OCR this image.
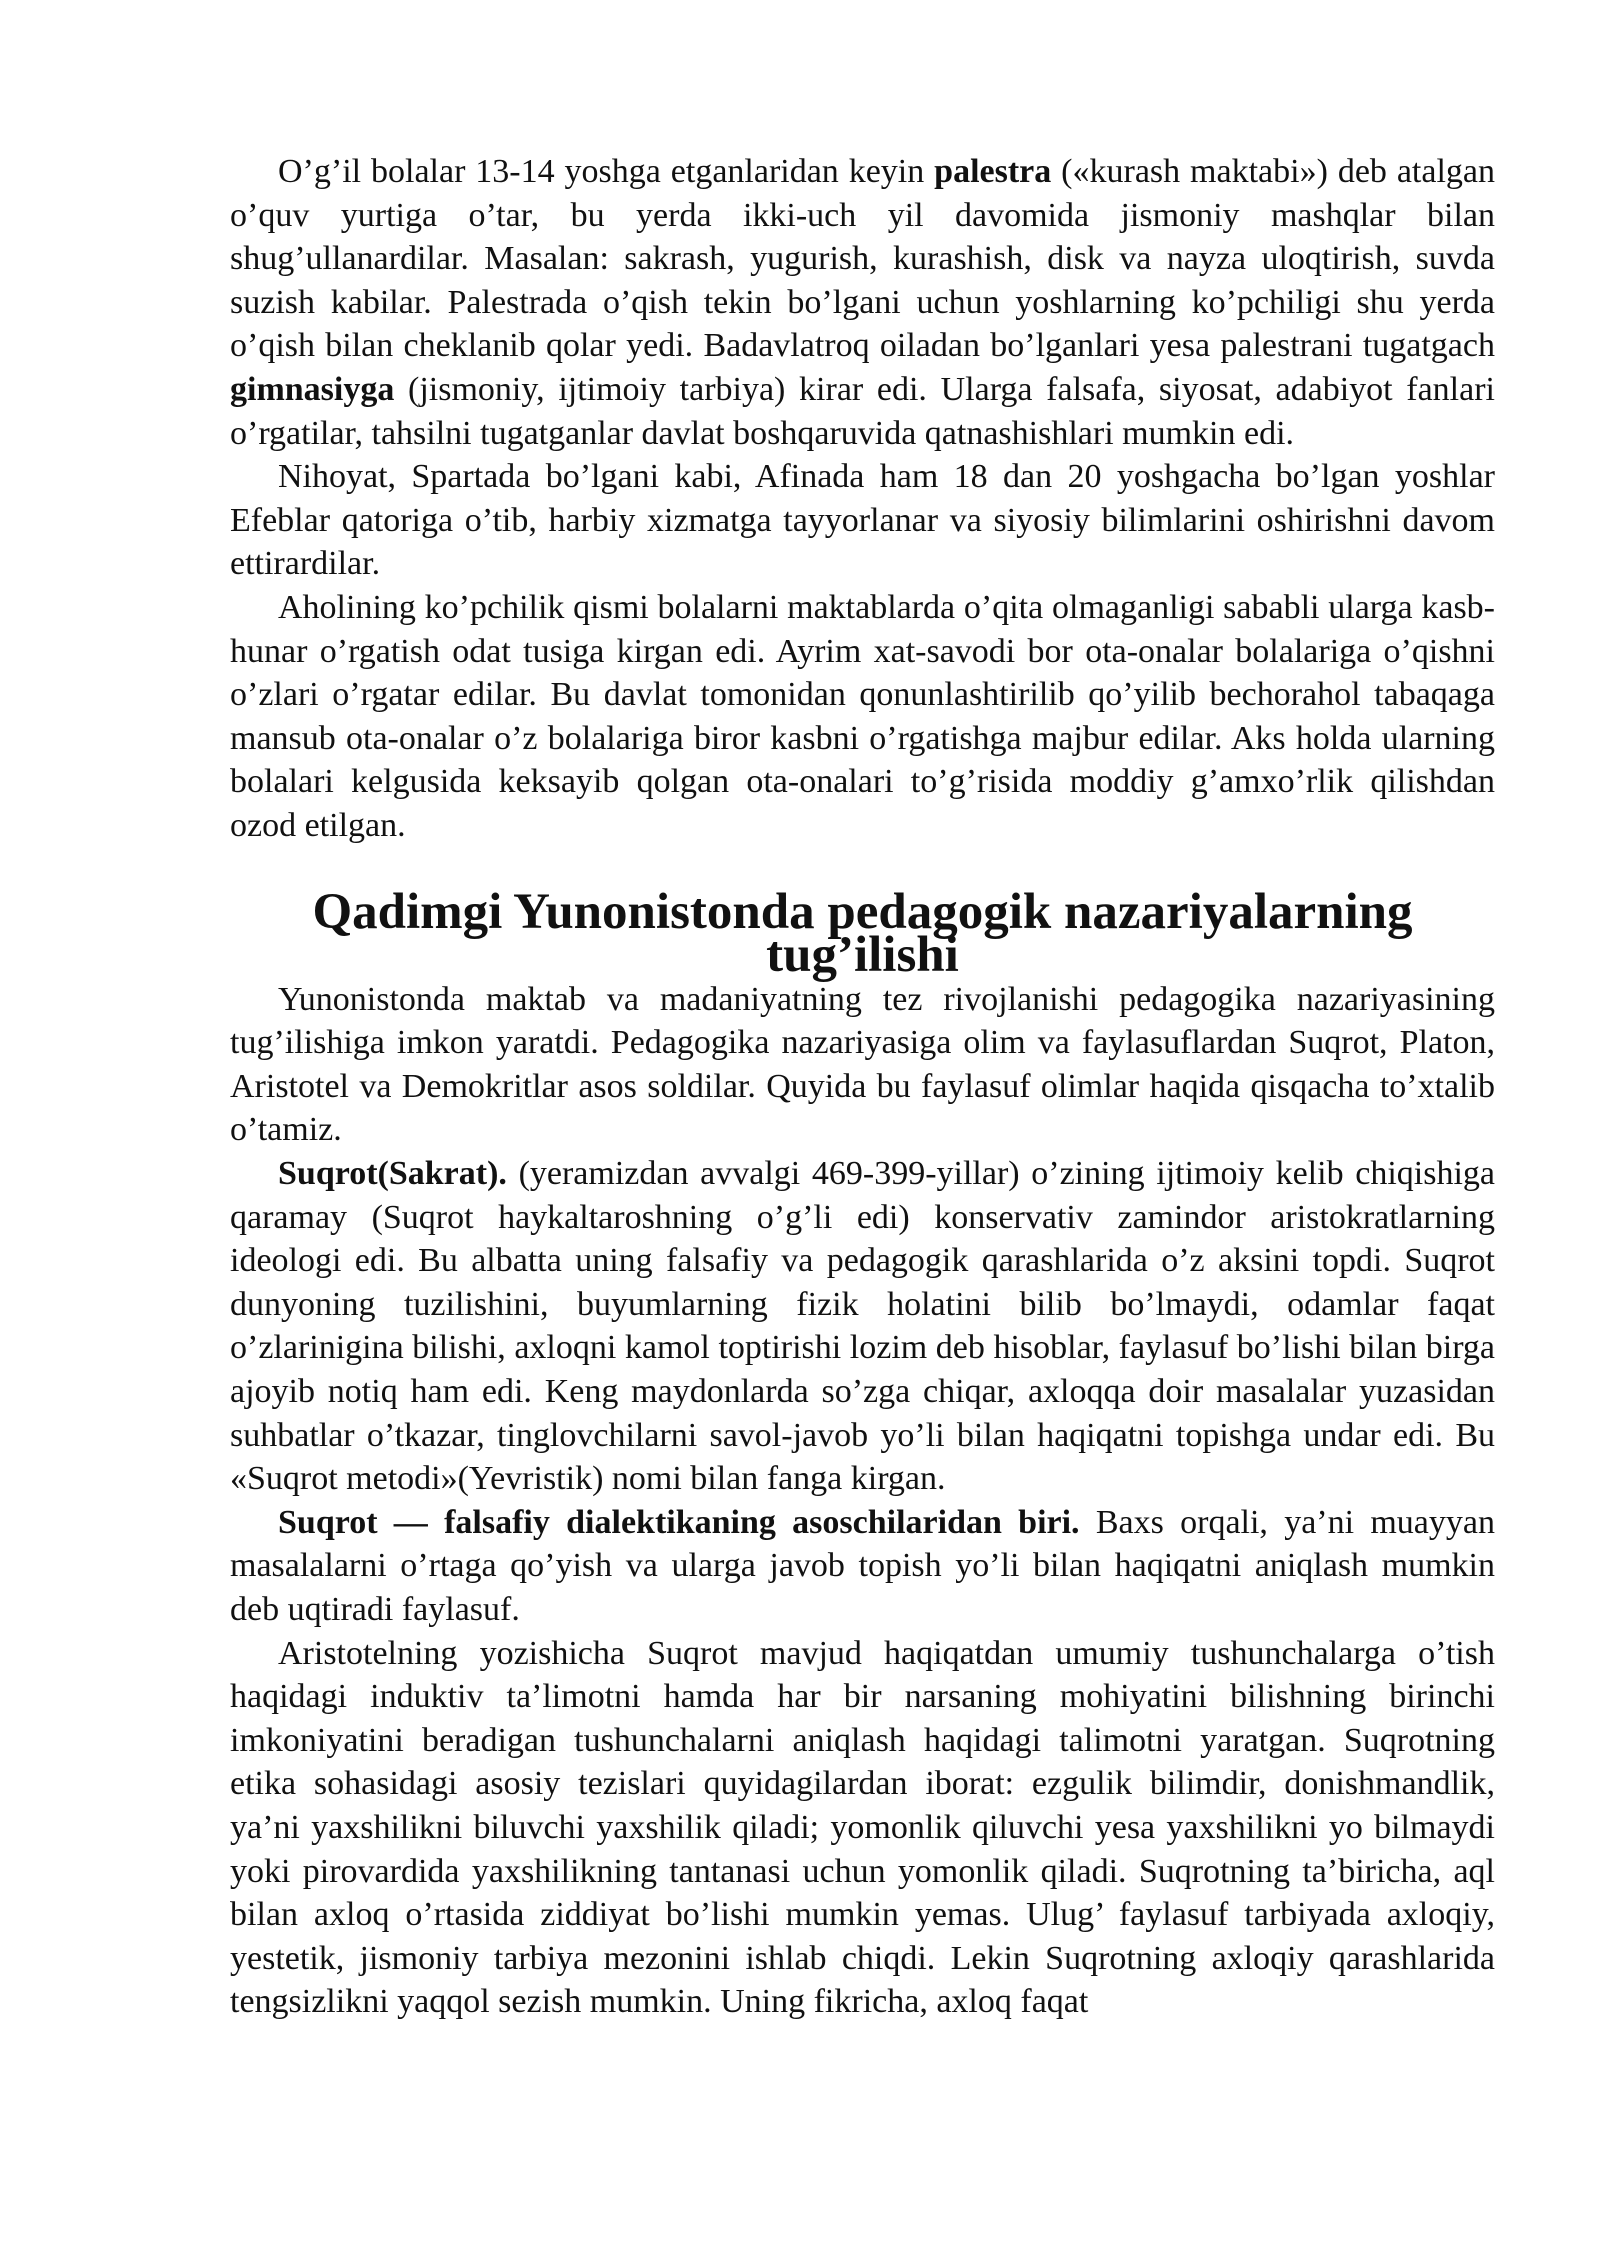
O’g’il bolalar 13-14 yoshga etganlaridan keyin palestra («kurash maktabi») deb atalgan o’quv yurtiga o’tar, bu yerda ikki-uch yil davomida jismoniy mashqlar bilan shug’ullanardilar. Masalan: sakrash, yugurish, kurashish, disk va nayza uloqtirish, suvda suzish kabilar. Palestrada o’qish tekin bo’lgani uchun yoshlarning ko’pchiligi shu yerda o’qish bilan cheklanib qolar yedi. Badavlatroq oiladan bo’lganlari yesa palestrani tugatgach gimnasiyga (jismoniy, ijtimoiy tarbiya) kirar edi. Ularga falsafa, siyosat, adabiyot fanlari o’rgatilar, tahsilni tugatganlar davlat boshqaruvida qatnashishlari mumkin edi.

Nihoyat, Spartada bo’lgani kabi, Afinada ham 18 dan 20 yoshgacha bo’lgan yoshlar Efeblar qatoriga o’tib, harbiy xizmatga tayyorlanar va siyosiy bilimlarini oshirishni davom ettirardilar.

Aholining ko’pchilik qismi bolalarni maktablarda o’qita olmaganligi sababli ularga kasb-hunar o’rgatish odat tusiga kirgan edi. Ayrim xat-savodi bor ota-onalar bolalariga o’qishni o’zlari o’rgatar edilar. Bu davlat tomonidan qonunlashtirilib qo’yilib bechorahol tabaqaga mansub ota-onalar o’z bolalariga biror kasbni o’rgatishga majbur edilar. Aks holda ularning bolalari kelgusida keksayib qolgan ota-onalari to’g’risida moddiy g’amxo’rlik qilishdan ozod etilgan.

Qadimgi Yunonistonda pedagogik nazariyalarning tug’ilishi

Yunonistonda maktab va madaniyatning tez rivojlanishi pedagogika nazariyasining tug’ilishiga imkon yaratdi. Pedagogika nazariyasiga olim va faylasuflardan Suqrot, Platon, Aristotel va Demokritlar asos soldilar. Quyida bu faylasuf olimlar haqida qisqacha to’xtalib o’tamiz.

Suqrot(Sakrat). (yeramizdan avvalgi 469-399-yillar) o’zining ijtimoiy kelib chiqishiga qaramay (Suqrot haykaltaroshning o’g’li edi) konservativ zamindor aristokratlarning ideologi edi. Bu albatta uning falsafiy va pedagogik qarashlarida o’z aksini topdi. Suqrot dunyoning tuzilishini, buyumlarning fizik holatini bilib bo’lmaydi, odamlar faqat o’zlarinigina bilishi, axloqni kamol toptirishi lozim deb hisoblar, faylasuf bo’lishi bilan birga ajoyib notiq ham edi. Keng maydonlarda so’zga chiqar, axloqqa doir masalalar yuzasidan suhbatlar o’tkazar, tinglovchilarni savol-javob yo’li bilan haqiqatni topishga undar edi. Bu «Suqrot metodi»(Yevristik) nomi bilan fanga kirgan.

Suqrot — falsafiy dialektikaning asoschilaridan biri. Baxs orqali, ya’ni muayyan masalalarni o’rtaga qo’yish va ularga javob topish yo’li bilan haqiqatni aniqlash mumkin deb uqtiradi faylasuf.

Aristotelning yozishicha Suqrot mavjud haqiqatdan umumiy tushunchalarga o’tish haqidagi induktiv ta’limotni hamda har bir narsaning mohiyatini bilishning birinchi imkoniyatini beradigan tushunchalarni aniqlash haqidagi talimotni yaratgan. Suqrotning etika sohasidagi asosiy tezislari quyidagilardan iborat: ezgulik bilimdir, donishmandlik, ya’ni yaxshilikni biluvchi yaxshilik qiladi; yomonlik qiluvchi yesa yaxshilikni yo bilmaydi yoki pirovardida yaxshilikning tantanasi uchun yomonlik qiladi. Suqrotning ta’biricha, aql bilan axloq o’rtasida ziddiyat bo’lishi mumkin yemas. Ulug’ faylasuf tarbiyada axloqiy, yestetik, jismoniy tarbiya mezonini ishlab chiqdi. Lekin Suqrotning axloqiy qarashlarida tengsizlikni yaqqol sezish mumkin. Uning fikricha, axloq faqat
